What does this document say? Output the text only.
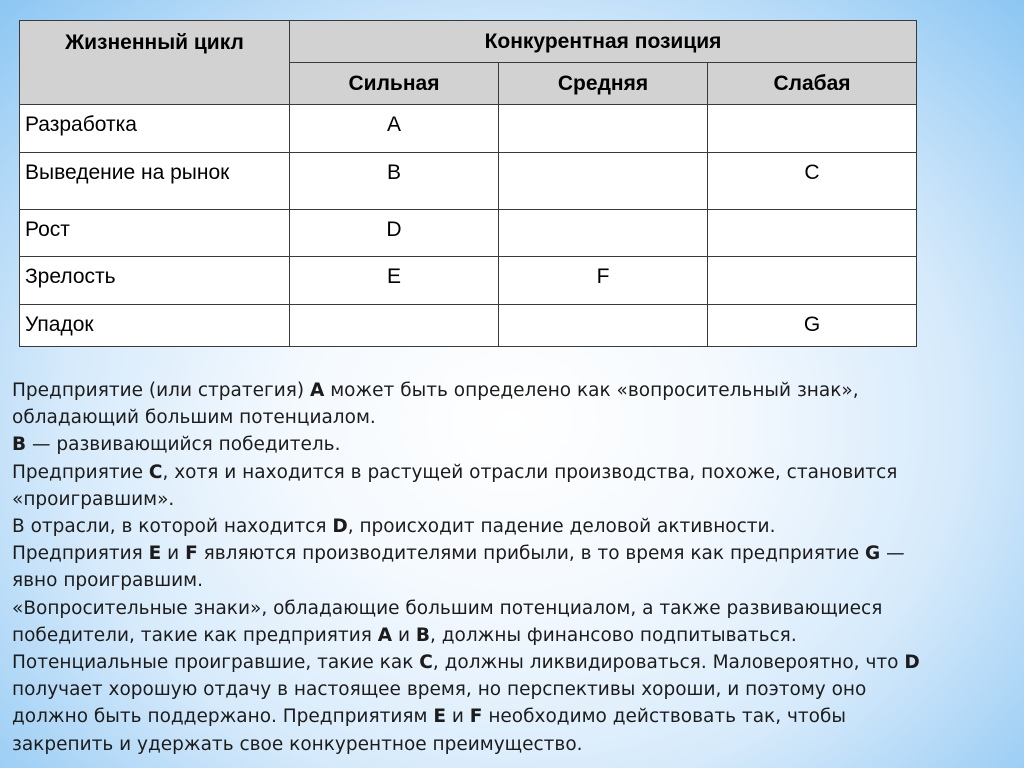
Жизненный цикл	Конкурентная позиция		
	Сильная	Средняя	Слабая
Разработка	A		
Выведение на рынок	B		C
Рост	D		
Зрелость	E	F	
Упадок			G

Предприятие (или стратегия) A может быть определено как «вопросительный знак»,

обладающий большим потенциалом.

B — развивающийся победитель.

Предприятие C, хотя и находится в растущей отрасли производства, похоже, становится

«проигравшим».

В отрасли, в которой находится D, происходит падение деловой активности.

Предприятия E и F являются производителями прибыли, в то время как предприятие G —

явно проигравшим.

«Вопросительные знаки», обладающие большим потенциалом, а также развивающиеся

победители, такие как предприятия A и B, должны финансово подпитываться.

Потенциальные проигравшие, такие как C, должны ликвидироваться. Маловероятно, что D

получает хорошую отдачу в настоящее время, но перспективы хороши, и поэтому оно

должно быть поддержано. Предприятиям E и F необходимо действовать так, чтобы

закрепить и удержать свое конкурентное преимущество.
